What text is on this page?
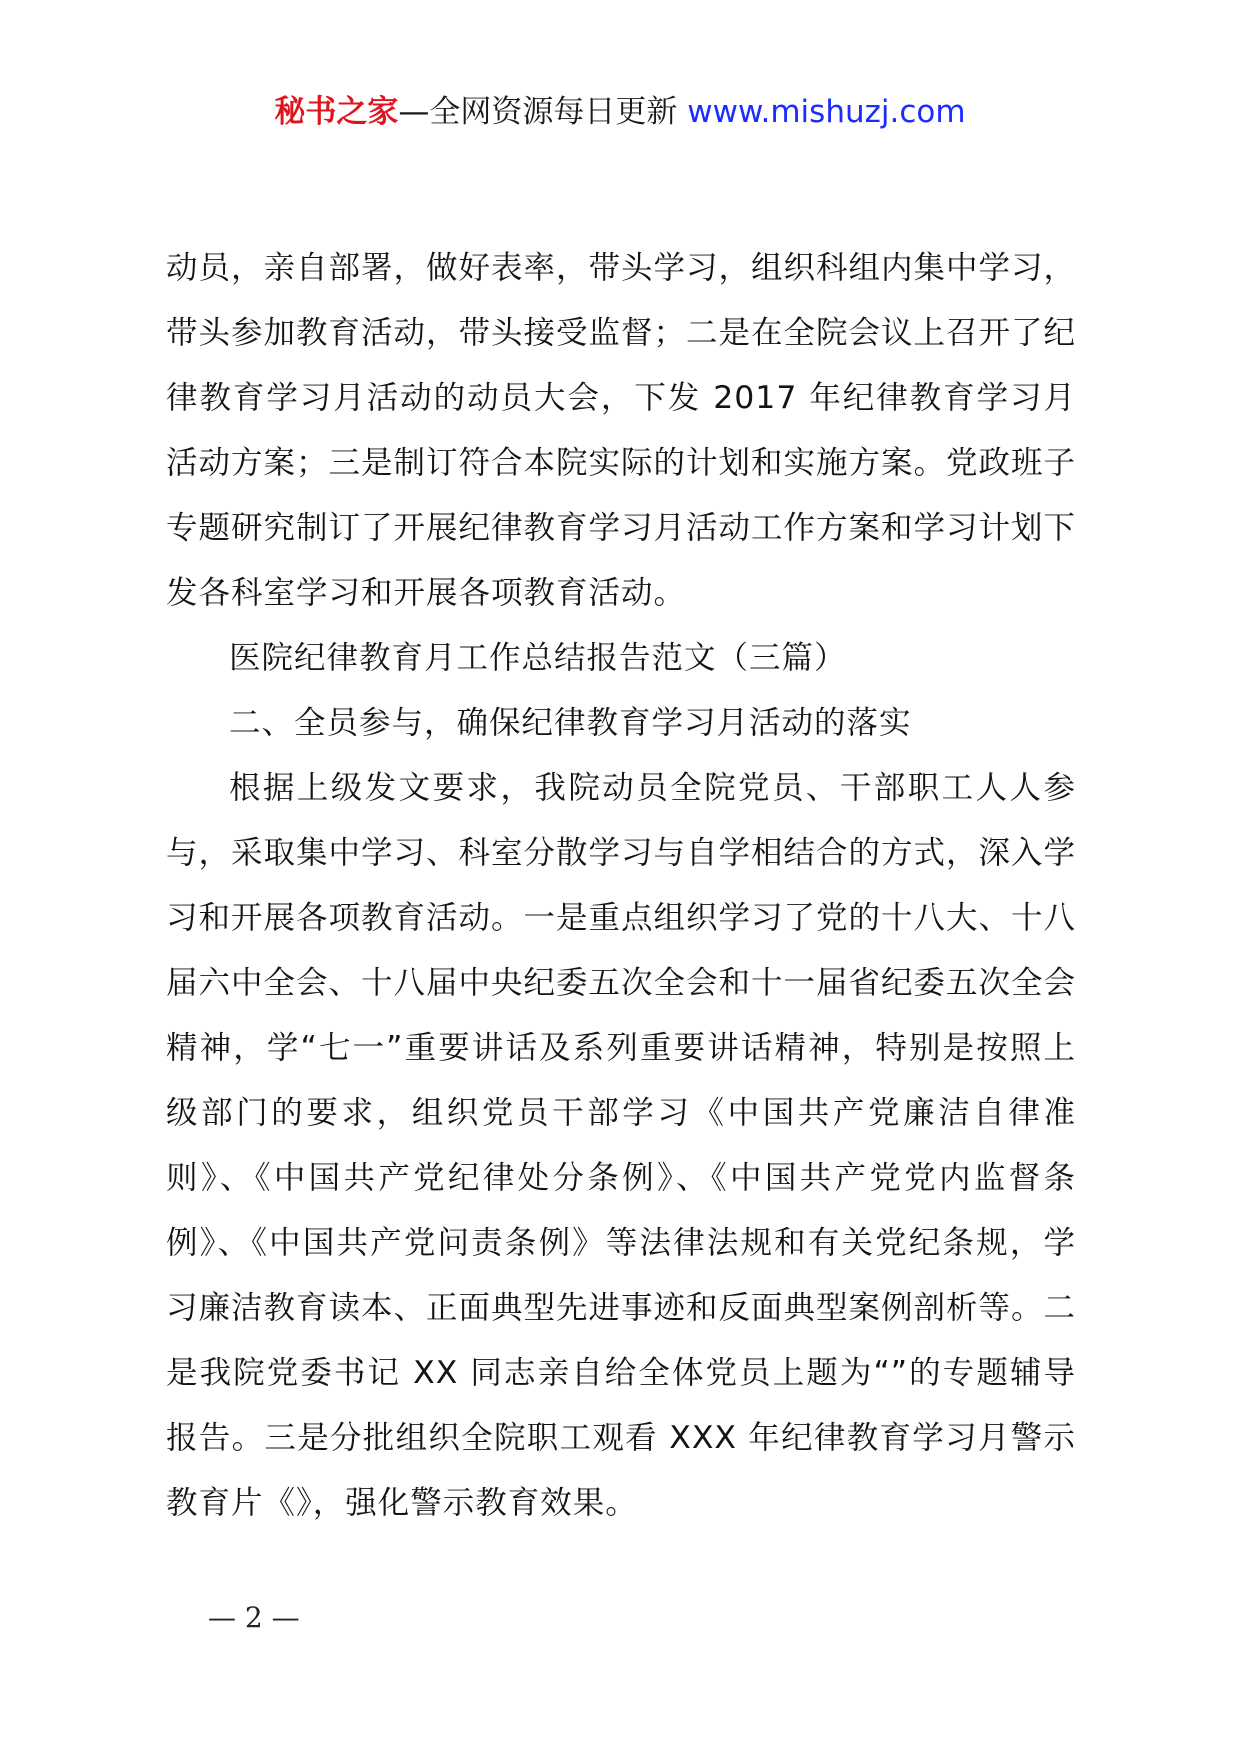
秘书之家—全网资源每日更新 www.mishuzj.com

动员，亲自部署，做好表率，带头学习，组织科组内集中学习，带头参加教育活动，带头接受监督；二是在全院会议上召开了纪律教育学习月活动的动员大会，下发 2017 年纪律教育学习月活动方案；三是制订符合本院实际的计划和实施方案。党政班子专题研究制订了开展纪律教育学习月活动工作方案和学习计划下发各科室学习和开展各项教育活动。

医院纪律教育月工作总结报告范文（三篇）

二、全员参与，确保纪律教育学习月活动的落实

根据上级发文要求，我院动员全院党员、干部职工人人参与，采取集中学习、科室分散学习与自学相结合的方式，深入学习和开展各项教育活动。一是重点组织学习了党的十八大、十八届六中全会、十八届中央纪委五次全会和十一届省纪委五次全会精神，学“七一”重要讲话及系列重要讲话精神，特别是按照上级部门的要求，组织党员干部学习《中国共产党廉洁自律准则》、《中国共产党纪律处分条例》、《中国共产党党内监督条例》、《中国共产党问责条例》等法律法规和有关党纪条规，学习廉洁教育读本、正面典型先进事迹和反面典型案例剖析等。二是我院党委书记 XX 同志亲自给全体党员上题为“”的专题辅导报告。三是分批组织全院职工观看 XXX 年纪律教育学习月警示教育片《》，强化警示教育效果。

— 2 —
